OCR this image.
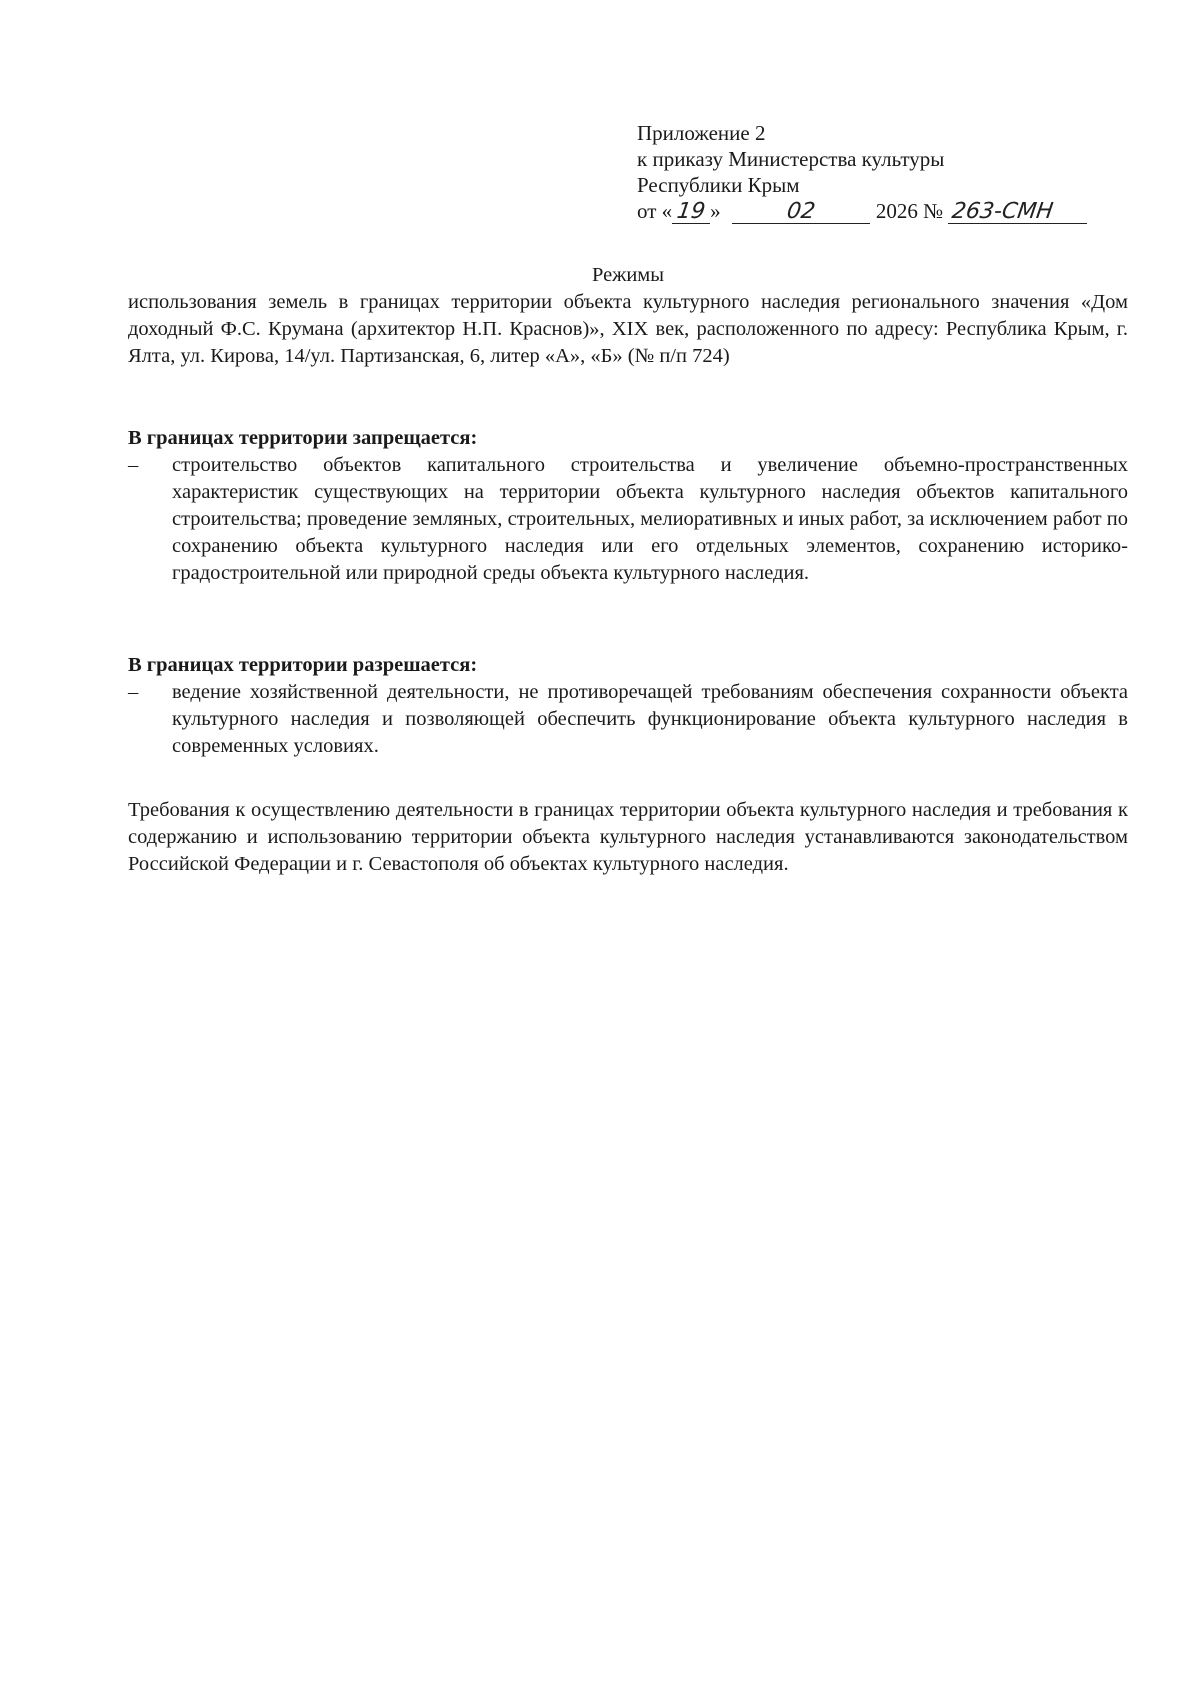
Приложение 2
к приказу Министерства культуры
Республики Крым
от « 19 »	02	2026 № 263-СМН
Режимы
использования земель в границах территории объекта культурного наследия регионального значения «Дом доходный Ф.С. Крумана (архитектор Н.П. Краснов)», XIX век, расположенного по адресу: Республика Крым, г. Ялта, ул. Кирова, 14/ул. Партизанская, 6, литер «А», «Б» (№ п/п 724)

В границах территории запрещается:

– строительство объектов капитального строительства и увеличение объемно-пространственных характеристик существующих на территории объекта культурного наследия объектов капитального строительства; проведение земляных, строительных, мелиоративных и иных работ, за исключением работ по сохранению объекта культурного наследия или его отдельных элементов, сохранению историко-градостроительной или природной среды объекта культурного наследия.

В границах территории разрешается:

– ведение хозяйственной деятельности, не противоречащей требованиям обеспечения сохранности объекта культурного наследия и позволяющей обеспечить функционирование объекта культурного наследия в современных условиях.
Требования к осуществлению деятельности в границах территории объекта культурного наследия и требования к содержанию и использованию территории объекта культурного наследия устанавливаются законодательством Российской Федерации и г. Севастополя об объектах культурного наследия.
